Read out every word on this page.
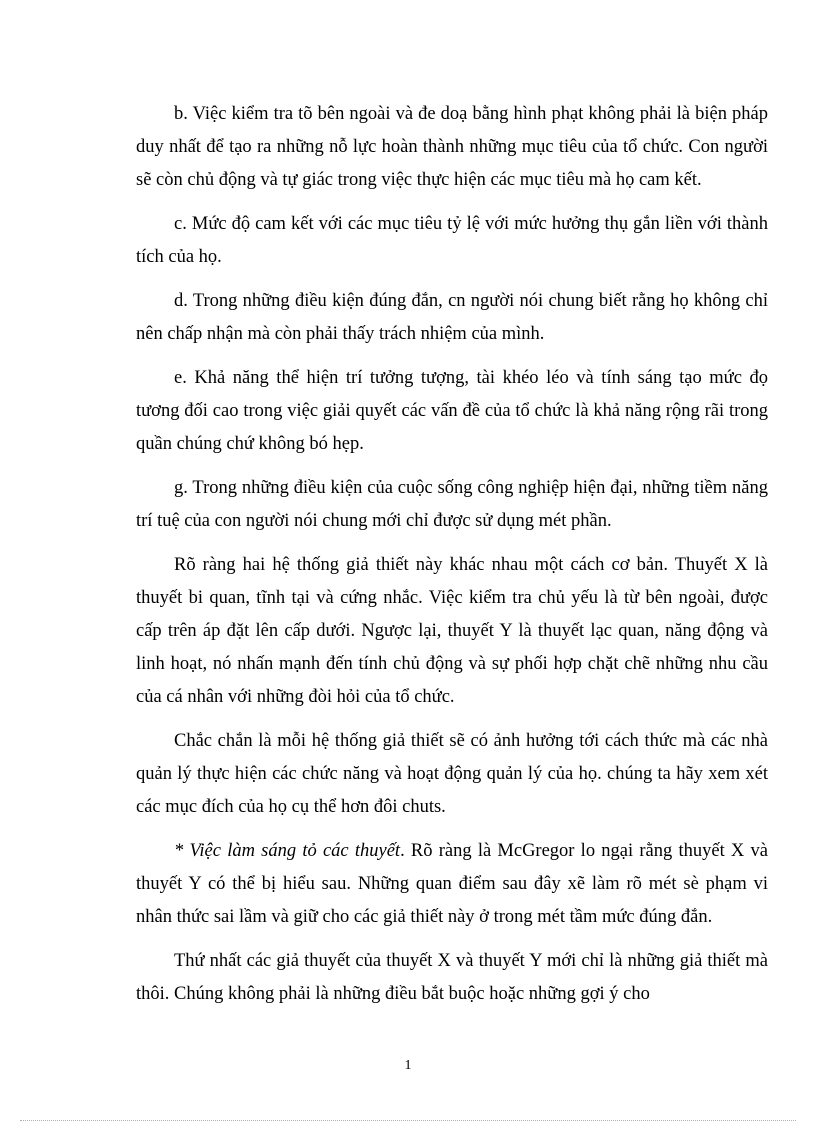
b. Việc kiểm tra tõ bên ngoài và đe doạ bằng hình phạt không phải là biện pháp duy nhất để tạo ra những nỗ lực hoàn thành những mục tiêu của tổ chức. Con người sẽ còn chủ động và tự giác trong việc thực hiện các mục tiêu mà họ cam kết.

c. Mức độ cam kết với các mục tiêu tỷ lệ với mức hưởng thụ gắn liền với thành tích của họ.

d. Trong những điều kiện đúng đắn, cn người nói chung biết rằng họ không chỉ nên chấp nhận mà còn phải thấy trách nhiệm của mình.

e. Khả năng thể hiện trí tưởng tượng, tài khéo léo và tính sáng tạo mức đọ tương đối cao trong việc giải quyết các vấn đề của tổ chức là khả năng rộng rãi trong quần chúng chứ không bó hẹp.

g. Trong những điều kiện của cuộc sống công nghiệp hiện đại, những tiềm năng trí tuệ của con người nói chung mới chỉ được sử dụng mét phần.

Rõ ràng hai hệ thống giả thiết này khác nhau một cách cơ bản. Thuyết X là thuyết bi quan, tĩnh tại và cứng nhắc. Việc kiểm tra chủ yếu là từ bên ngoài, được cấp trên áp đặt lên cấp dưới. Ngược lại, thuyết Y là thuyết lạc quan, năng động và linh hoạt, nó nhấn mạnh đến tính chủ động và sự phối hợp chặt chẽ những nhu cầu của cá nhân với những đòi hỏi của tổ chức.

Chắc chắn là mỗi hệ thống giả thiết sẽ có ảnh hưởng tới cách thức mà các nhà quản lý thực hiện các chức năng và hoạt động quản lý của họ. chúng ta hãy xem xét các mục đích của họ cụ thể hơn đôi chuts.

* Việc làm sáng tỏ các thuyết. Rõ ràng là McGregor lo ngại rằng thuyết X và thuyết Y có thể bị hiểu sau. Những quan điểm sau đây xẽ làm rõ mét sè phạm vi nhân thức sai lầm và giữ cho các giả thiết này ở trong mét tầm mức đúng đắn.

Thứ nhất các giả thuyết của thuyết X và thuyết Y mới chỉ là những giả thiết mà thôi. Chúng không phải là những điều bắt buộc hoặc những gợi ý cho

1
